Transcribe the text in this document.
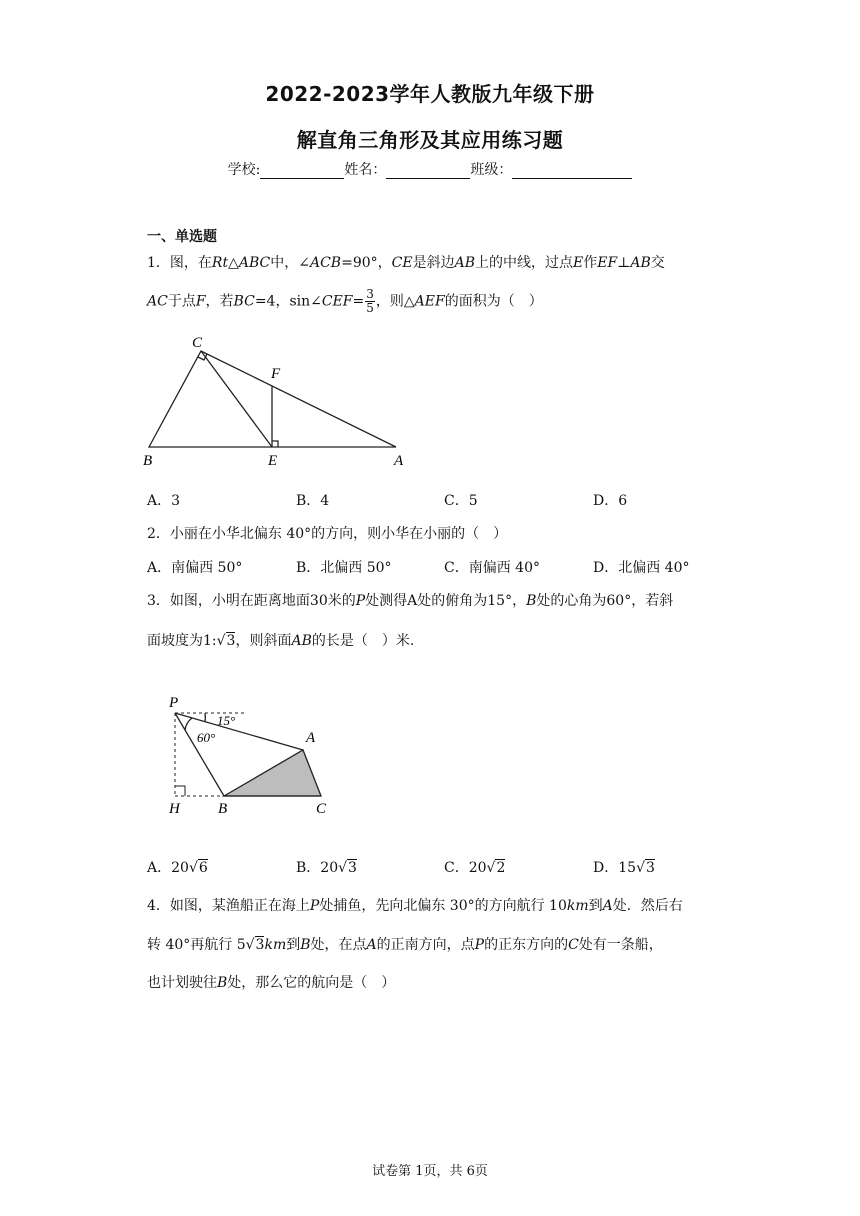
2022-2023学年人教版九年级下册
解直角三角形及其应用练习题
学校:	姓名：	班级：
一、单选题
1．图，在Rt△ABC中，∠ACB=90°，CE是斜边AB上的中线，过点E作EF⊥AB交
AC于点F，若BC=4，sin∠CEF= $\frac{3}{5}$ ，则△AEF的面积为（　）
C
F
B	E	A
A．3	B．4	C．5	D．6
2．小丽在小华北偏东 40°的方向，则小华在小丽的（　）
A．南偏西 50°	B．北偏西 50°	C．南偏西 40°	D．北偏西 40°
3．如图，小明在距离地面30米的P处测得A处的俯角为15°，B处的心角为60°，若斜
面坡度为1:√3，则斜面AB的长是（　）米.
P
15°
60°	A
H	B	C
A．20√6	B．20√3	C．20√2	D．15√3
4．如图，某渔船正在海上P处捕鱼，先向北偏东 30°的方向航行 10km到A处．然后右
转 40°再航行 5√3km到B处，在点A的正南方向，点P的正东方向的C处有一条船，
也计划驶往B处，那么它的航向是（　）
试卷第 1页，共 6页
